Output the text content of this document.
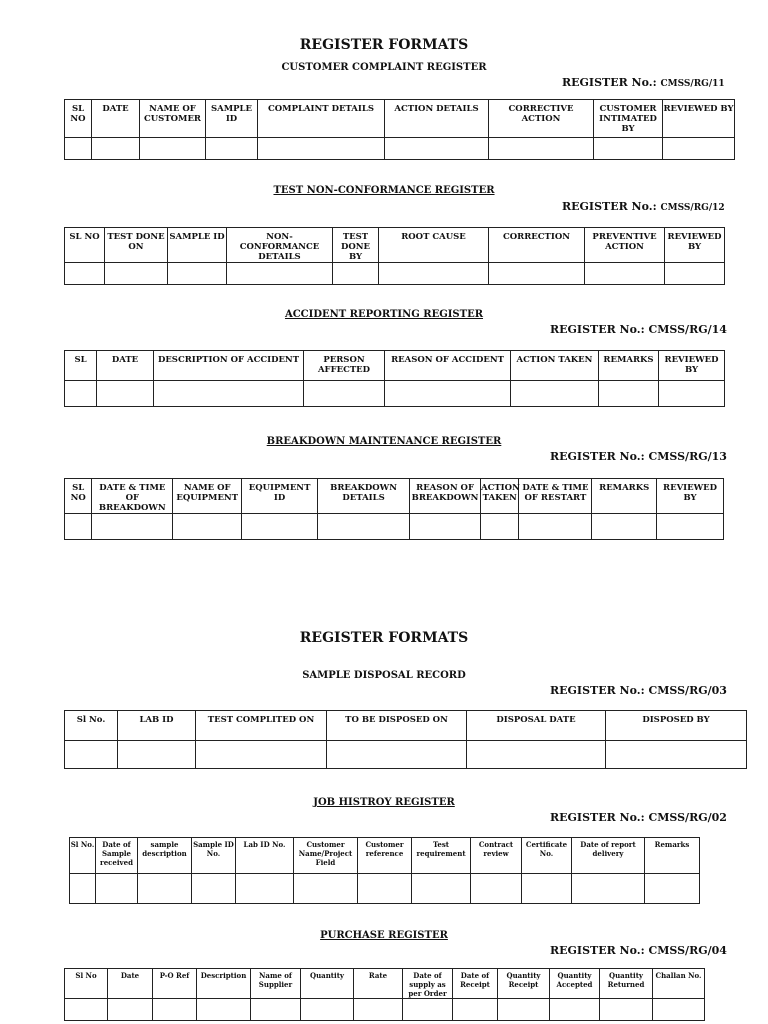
REGISTER FORMATS
CUSTOMER COMPLAINT REGISTER
REGISTER No.: CMSS/RG/11
SL NO	DATE	NAME OF CUSTOMER	SAMPLE ID	COMPLAINT DETAILS	ACTION DETAILS	CORRECTIVE ACTION	CUSTOMER INTIMATED BY	REVIEWED BY

TEST NON-CONFORMANCE REGISTER
REGISTER No.: CMSS/RG/12
SL NO	TEST DONE ON	SAMPLE ID	NON-CONFORMANCE DETAILS	TEST DONE BY	ROOT CAUSE	CORRECTION	PREVENTIVE ACTION	REVIEWED BY

ACCIDENT REPORTING REGISTER
REGISTER No.: CMSS/RG/14
SL	DATE	DESCRIPTION OF ACCIDENT	PERSON AFFECTED	REASON OF ACCIDENT	ACTION TAKEN	REMARKS	REVIEWED BY

BREAKDOWN MAINTENANCE REGISTER
REGISTER No.: CMSS/RG/13
SL NO	DATE & TIME OF BREAKDOWN	NAME OF EQUIPMENT	EQUIPMENT ID	BREAKDOWN DETAILS	REASON OF BREAKDOWN	ACTION TAKEN	DATE & TIME OF RESTART	REMARKS	REVIEWED BY

REGISTER FORMATS
SAMPLE DISPOSAL RECORD
REGISTER No.: CMSS/RG/03
Sl No.	LAB ID	TEST COMPLITED ON	TO BE DISPOSED ON	DISPOSAL DATE	DISPOSED BY

JOB HISTROY REGISTER
REGISTER No.: CMSS/RG/02
Sl No.	Date of Sample received	sample description	Sample ID No.	Lab ID No.	Customer Name/Project Field	Customer reference	Test requirement	Contract review	Certificate No.	Date of report delivery	Remarks

PURCHASE REGISTER
REGISTER No.: CMSS/RG/04
Sl No	Date	P-O Ref	Description	Name of Supplier	Quantity	Rate	Date of supply as per Order	Date of Receipt	Quantity Receipt	Quantity Accepted	Quantity Returned	Challan No.
